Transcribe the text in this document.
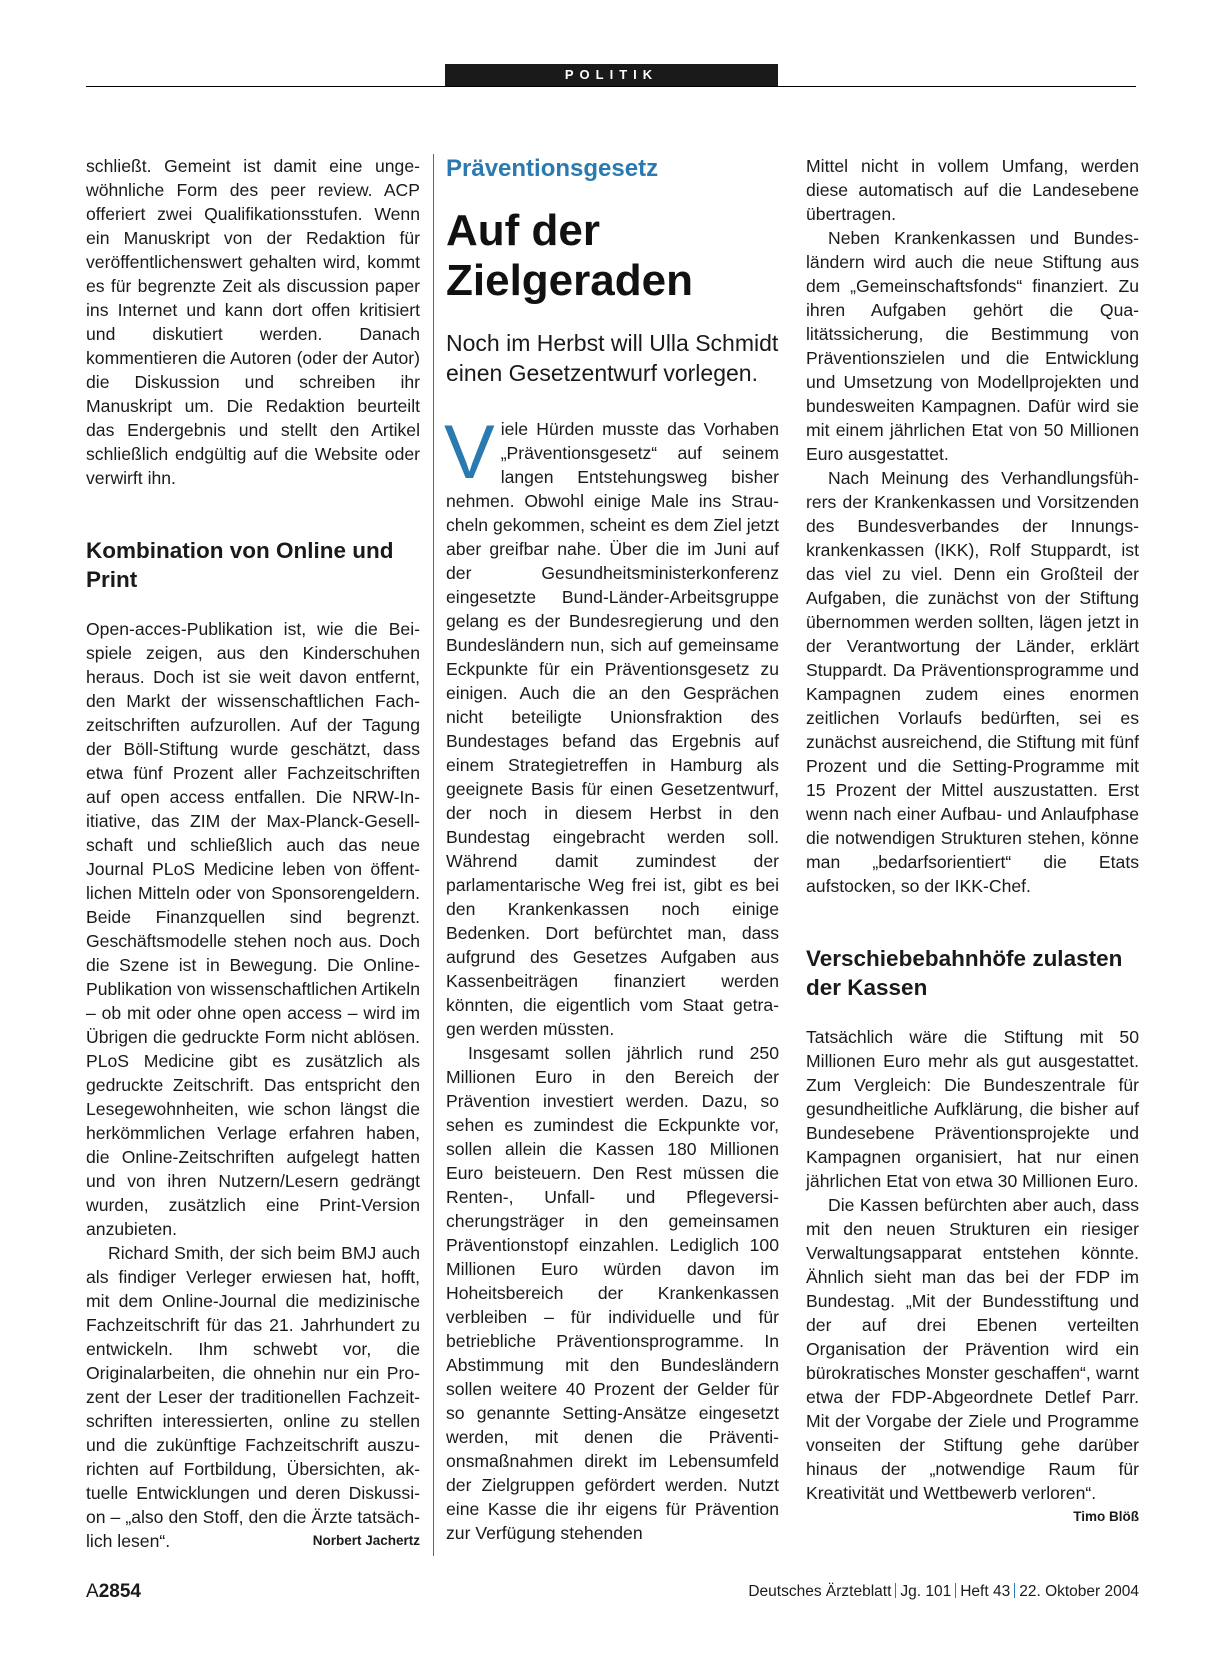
POLITIK

schließt. Gemeint ist damit eine ungewöhnliche Form des peer review. ACP offeriert zwei Qualifikationsstufen. Wenn ein Manuskript von der Redaktion für veröffentlichenswert gehalten wird, kommt es für begrenzte Zeit als discussion paper ins Internet und kann dort offen kritisiert und diskutiert werden. Danach kommentieren die Autoren (oder der Autor) die Diskussion und schreiben ihr Manuskript um. Die Redaktion beurteilt das Endergebnis und stellt den Artikel schließlich endgültig auf die Website oder verwirft ihn.

Kombination von Online und Print

Open-acces-Publikation ist, wie die Beispiele zeigen, aus den Kinderschuhen heraus. Doch ist sie weit davon entfernt, den Markt der wissenschaftlichen Fachzeitschriften aufzurollen. Auf der Tagung der Böll-Stiftung wurde geschätzt, dass etwa fünf Prozent aller Fachzeitschriften auf open access entfallen. Die NRW-Initiative, das ZIM der Max-Planck-Gesellschaft und schließlich auch das neue Journal PLoS Medicine leben von öffentlichen Mitteln oder von Sponsorengeldern. Beide Finanzquellen sind begrenzt. Geschäftsmodelle stehen noch aus. Doch die Szene ist in Bewegung. Die Online-Publikation von wissenschaftlichen Artikeln – ob mit oder ohne open access – wird im Übrigen die gedruckte Form nicht ablösen. PLoS Medicine gibt es zusätzlich als gedruckte Zeitschrift. Das entspricht den Lesegewohnheiten, wie schon längst die herkömmlichen Verlage erfahren haben, die Online-Zeitschriften aufgelegt hatten und von ihren Nutzern/Lesern gedrängt wurden, zusätzlich eine Print-Version anzubieten.

Richard Smith, der sich beim BMJ auch als findiger Verleger erwiesen hat, hofft, mit dem Online-Journal die medizinische Fachzeitschrift für das 21. Jahrhundert zu entwickeln. Ihm schwebt vor, die Originalarbeiten, die ohnehin nur ein Prozent der Leser der traditionellen Fachzeitschriften interessierten, online zu stellen und die zukünftige Fachzeitschrift auszurichten auf Fortbildung, Übersichten, aktuelle Entwicklungen und deren Diskussion – „also den Stoff, den die Ärzte tatsächlich lesen“.	Norbert Jachertz

Präventionsgesetz
Auf der Zielgeraden
Noch im Herbst will Ulla Schmidt einen Gesetzentwurf vorlegen.

Viele Hürden musste das Vorhaben „Präventionsgesetz“ auf seinem langen Entstehungsweg bisher nehmen. Obwohl einige Male ins Straucheln gekommen, scheint es dem Ziel jetzt aber greifbar nahe. Über die im Juni auf der Gesundheitsministerkonferenz eingesetzte Bund-Länder-Arbeitsgruppe gelang es der Bundesregierung und den Bundesländern nun, sich auf gemeinsame Eckpunkte für ein Präventionsgesetz zu einigen. Auch die an den Gesprächen nicht beteiligte Unionsfraktion des Bundestages befand das Ergebnis auf einem Strategietreffen in Hamburg als geeignete Basis für einen Gesetzentwurf, der noch in diesem Herbst in den Bundestag eingebracht werden soll. Während damit zumindest der parlamentarische Weg frei ist, gibt es bei den Krankenkassen noch einige Bedenken. Dort befürchtet man, dass aufgrund des Gesetzes Aufgaben aus Kassenbeiträgen finanziert werden könnten, die eigentlich vom Staat getragen werden müssten.

Insgesamt sollen jährlich rund 250 Millionen Euro in den Bereich der Prävention investiert werden. Dazu, so sehen es zumindest die Eckpunkte vor, sollen allein die Kassen 180 Millionen Euro beisteuern. Den Rest müssen die Renten-, Unfall- und Pflegeversicherungsträger in den gemeinsamen Präventionstopf einzahlen. Lediglich 100 Millionen Euro würden davon im Hoheitsbereich der Krankenkassen verbleiben – für individuelle und für betriebliche Präventionsprogramme. In Abstimmung mit den Bundesländern sollen weitere 40 Prozent der Gelder für so genannte Setting-Ansätze eingesetzt werden, mit denen die Präventionsmaßnahmen direkt im Lebensumfeld der Zielgruppen gefördert werden. Nutzt eine Kasse die ihr eigens für Prävention zur Verfügung stehenden

Mittel nicht in vollem Umfang, werden diese automatisch auf die Landesebene übertragen.

Neben Krankenkassen und Bundesländern wird auch die neue Stiftung aus dem „Gemeinschaftsfonds“ finanziert. Zu ihren Aufgaben gehört die Qualitätssicherung, die Bestimmung von Präventionszielen und die Entwicklung und Umsetzung von Modellprojekten und bundesweiten Kampagnen. Dafür wird sie mit einem jährlichen Etat von 50 Millionen Euro ausgestattet.

Nach Meinung des Verhandlungsführers der Krankenkassen und Vorsitzenden des Bundesverbandes der Innungskrankenkassen (IKK), Rolf Stuppardt, ist das viel zu viel. Denn ein Großteil der Aufgaben, die zunächst von der Stiftung übernommen werden sollten, lägen jetzt in der Verantwortung der Länder, erklärt Stuppardt. Da Präventionsprogramme und Kampagnen zudem eines enormen zeitlichen Vorlaufs bedürften, sei es zunächst ausreichend, die Stiftung mit fünf Prozent und die Setting-Programme mit 15 Prozent der Mittel auszustatten. Erst wenn nach einer Aufbau- und Anlaufphase die notwendigen Strukturen stehen, könne man „bedarfsorientiert“ die Etats aufstocken, so der IKK-Chef.

Verschiebebahnhöfe zulasten der Kassen

Tatsächlich wäre die Stiftung mit 50 Millionen Euro mehr als gut ausgestattet. Zum Vergleich: Die Bundeszentrale für gesundheitliche Aufklärung, die bisher auf Bundesebene Präventionsprojekte und Kampagnen organisiert, hat nur einen jährlichen Etat von etwa 30 Millionen Euro.

Die Kassen befürchten aber auch, dass mit den neuen Strukturen ein riesiger Verwaltungsapparat entstehen könnte. Ähnlich sieht man das bei der FDP im Bundestag. „Mit der Bundesstiftung und der auf drei Ebenen verteilten Organisation der Prävention wird ein bürokratisches Monster geschaffen“, warnt etwa der FDP-Abgeordnete Detlef Parr. Mit der Vorgabe der Ziele und Programme vonseiten der Stiftung gehe darüber hinaus der „notwendige Raum für Kreativität und Wettbewerb verloren“.
Timo Blöß

A2854	Deutsches Ärzteblatt Jg. 101 Heft 43 22. Oktober 2004
